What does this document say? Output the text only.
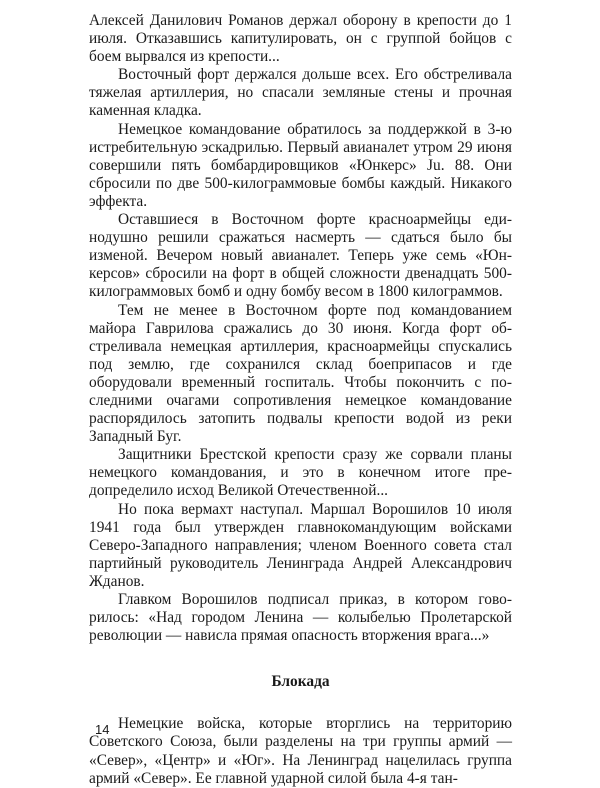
Алексей Данилович Романов держал оборону в крепости до 1 июля. Отказавшись капитулировать, он с группой бойцов с боем вырвался из крепости...

Восточный форт держался дольше всех. Его обстреливала тяжелая артиллерия, но спасали земляные стены и прочная каменная кладка.

Немецкое командование обратилось за поддержкой в 3-ю истребительную эскадрилью. Первый авианалет утром 29 июня совершили пять бомбардировщиков «Юнкерс» Ju. 88. Они сбросили по две 500-килограммовые бомбы каждый. Никакого эффекта.

Оставшиеся в Восточном форте красноармейцы единодушно решили сражаться насмерть — сдаться было бы изменой. Вечером новый авианалет. Теперь уже семь «Юнкерсов» сбросили на форт в общей сложности двенадцать 500-килограммовых бомб и одну бомбу весом в 1800 килограммов.

Тем не менее в Восточном форте под командованием майора Гаврилова сражались до 30 июня. Когда форт обстреливала немецкая артиллерия, красноармейцы спускались под землю, где сохранился склад боеприпасов и где оборудовали временный госпиталь. Чтобы покончить с последними очагами сопротивления немецкое командование распорядилось затопить подвалы крепости водой из реки Западный Буг.

Защитники Брестской крепости сразу же сорвали планы немецкого командования, и это в конечном итоге предопределило исход Великой Отечественной...

Но пока вермахт наступал. Маршал Ворошилов 10 июля 1941 года был утвержден главнокомандующим войсками Северо-Западного направления; членом Военного совета стал партийный руководитель Ленинграда Андрей Александрович Жданов.

Главком Ворошилов подписал приказ, в котором говорилось: «Над городом Ленина — колыбелью Пролетарской революции — нависла прямая опасность вторжения врага...»

Блокада

Немецкие войска, которые вторглись на территорию Советского Союза, были разделены на три группы армий — «Север», «Центр» и «Юг». На Ленинград нацелилась группа армий «Север». Ее главной ударной силой была 4-я тан-

14
